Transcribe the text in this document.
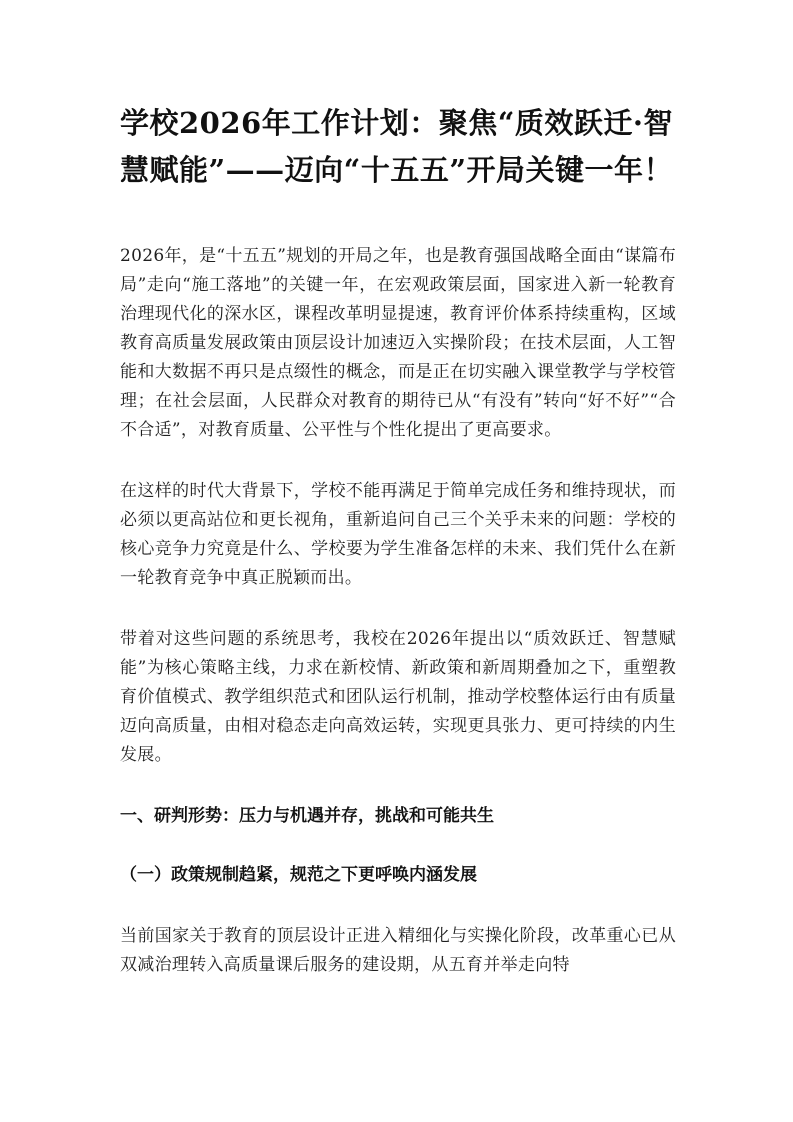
学校2026年工作计划：聚焦“质效跃迁·智慧赋能”——迈向“十五五”开局关键一年！

2026年，是“十五五”规划的开局之年，也是教育强国战略全面由“谋篇布局”走向“施工落地”的关键一年，在宏观政策层面，国家进入新一轮教育治理现代化的深水区，课程改革明显提速，教育评价体系持续重构，区域教育高质量发展政策由顶层设计加速迈入实操阶段；在技术层面，人工智能和大数据不再只是点缀性的概念，而是正在切实融入课堂教学与学校管理；在社会层面，人民群众对教育的期待已从“有没有”转向“好不好”“合不合适”，对教育质量、公平性与个性化提出了更高要求。

在这样的时代大背景下，学校不能再满足于简单完成任务和维持现状，而必须以更高站位和更长视角，重新追问自己三个关乎未来的问题：学校的核心竞争力究竟是什么、学校要为学生准备怎样的未来、我们凭什么在新一轮教育竞争中真正脱颖而出。

带着对这些问题的系统思考，我校在2026年提出以“质效跃迁、智慧赋能”为核心策略主线，力求在新校情、新政策和新周期叠加之下，重塑教育价值模式、教学组织范式和团队运行机制，推动学校整体运行由有质量迈向高质量，由相对稳态走向高效运转，实现更具张力、更可持续的内生发展。

一、研判形势：压力与机遇并存，挑战和可能共生
（一）政策规制趋紧，规范之下更呼唤内涵发展

当前国家关于教育的顶层设计正进入精细化与实操化阶段，改革重心已从双减治理转入高质量课后服务的建设期，从五育并举走向特
